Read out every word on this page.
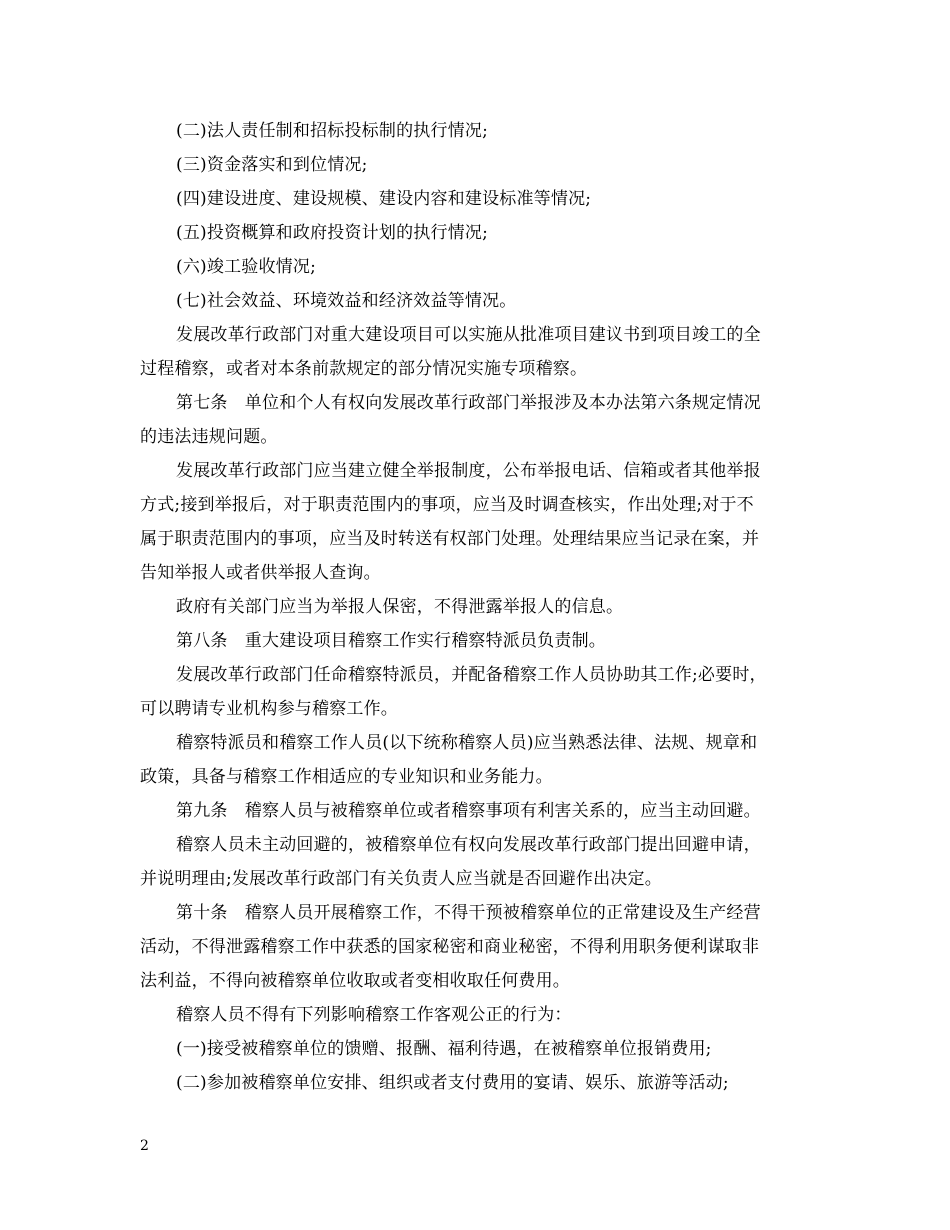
(二)法人责任制和招标投标制的执行情况;
(三)资金落实和到位情况;
(四)建设进度、建设规模、建设内容和建设标准等情况;
(五)投资概算和政府投资计划的执行情况;
(六)竣工验收情况;
(七)社会效益、环境效益和经济效益等情况。
发展改革行政部门对重大建设项目可以实施从批准项目建议书到项目竣工的全
过程稽察，或者对本条前款规定的部分情况实施专项稽察。
第七条　单位和个人有权向发展改革行政部门举报涉及本办法第六条规定情况
的违法违规问题。
发展改革行政部门应当建立健全举报制度，公布举报电话、信箱或者其他举报
方式;接到举报后，对于职责范围内的事项，应当及时调查核实，作出处理;对于不
属于职责范围内的事项，应当及时转送有权部门处理。处理结果应当记录在案，并
告知举报人或者供举报人查询。
政府有关部门应当为举报人保密，不得泄露举报人的信息。
第八条　重大建设项目稽察工作实行稽察特派员负责制。
发展改革行政部门任命稽察特派员，并配备稽察工作人员协助其工作;必要时，
可以聘请专业机构参与稽察工作。
稽察特派员和稽察工作人员(以下统称稽察人员)应当熟悉法律、法规、规章和
政策，具备与稽察工作相适应的专业知识和业务能力。
第九条　稽察人员与被稽察单位或者稽察事项有利害关系的，应当主动回避。
稽察人员未主动回避的，被稽察单位有权向发展改革行政部门提出回避申请，
并说明理由;发展改革行政部门有关负责人应当就是否回避作出决定。
第十条　稽察人员开展稽察工作，不得干预被稽察单位的正常建设及生产经营
活动，不得泄露稽察工作中获悉的国家秘密和商业秘密，不得利用职务便利谋取非
法利益，不得向被稽察单位收取或者变相收取任何费用。
稽察人员不得有下列影响稽察工作客观公正的行为：
(一)接受被稽察单位的馈赠、报酬、福利待遇，在被稽察单位报销费用;
(二)参加被稽察单位安排、组织或者支付费用的宴请、娱乐、旅游等活动;
2
